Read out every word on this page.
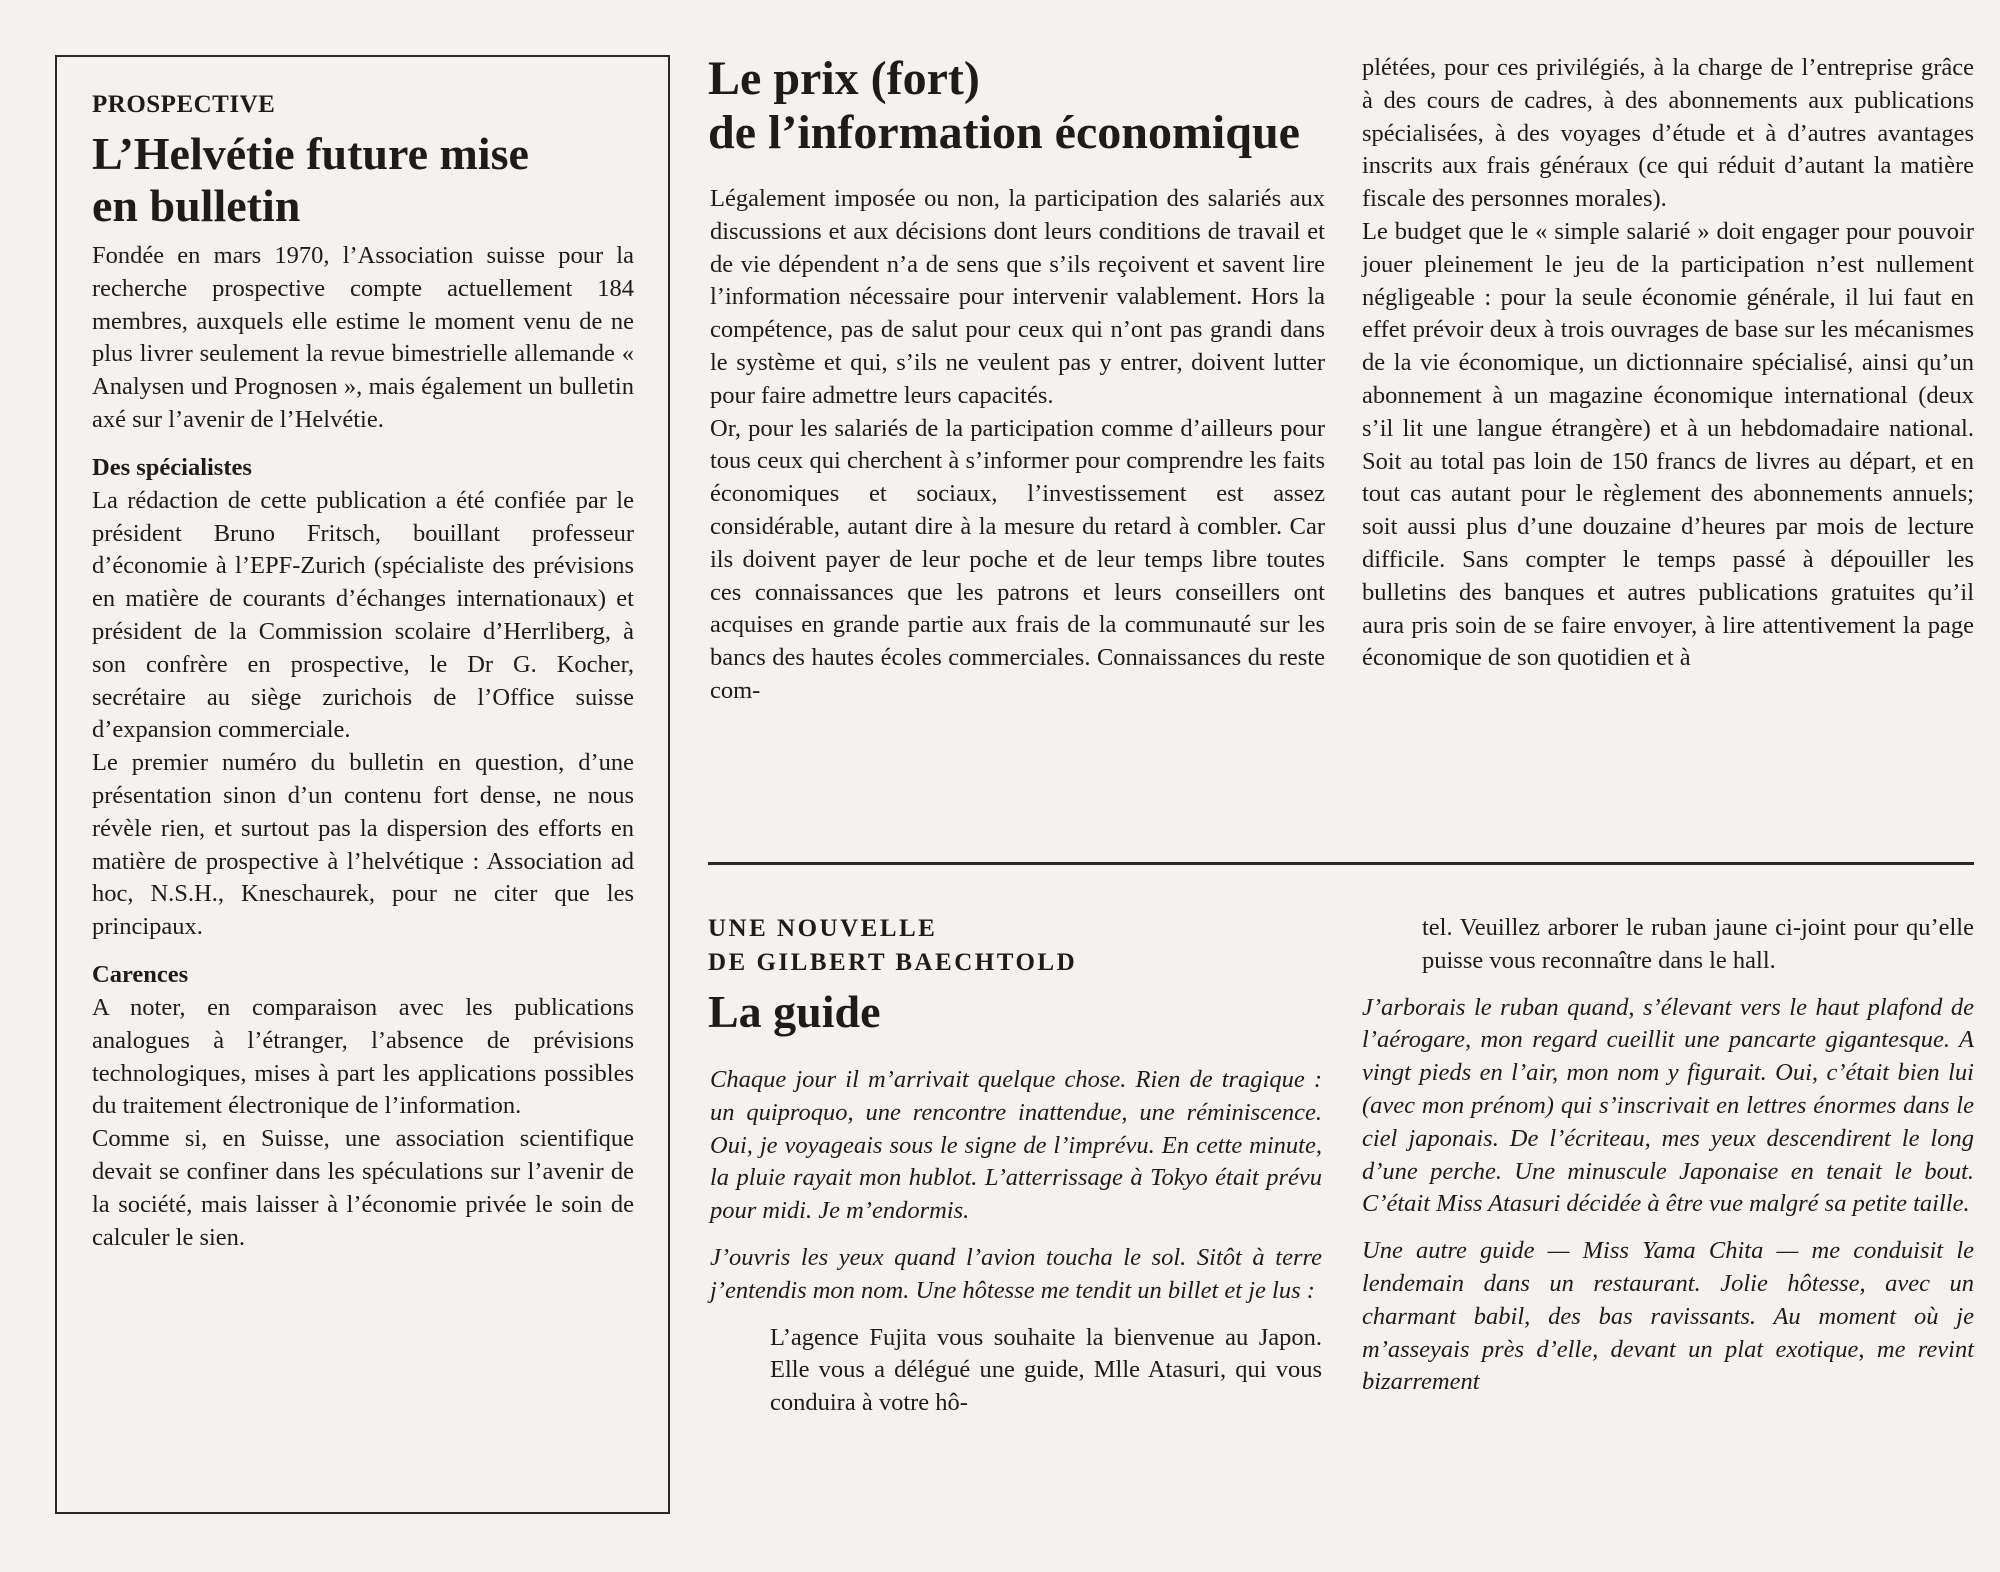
PROSPECTIVE
L’Helvétie future mise
en bulletin

Fondée en mars 1970, l’Association suisse pour la recherche prospective compte actuellement 184 membres, auxquels elle estime le moment venu de ne plus livrer seulement la revue bimestrielle allemande « Analysen und Prognosen », mais également un bulletin axé sur l’avenir de l’Helvétie.

Des spécialistes

La rédaction de cette publication a été confiée par le président Bruno Fritsch, bouillant professeur d’économie à l’EPF-Zurich (spécialiste des prévisions en matière de courants d’échanges internationaux) et président de la Commission scolaire d’Herrliberg, à son confrère en prospective, le Dr G. Kocher, secrétaire au siège zurichois de l’Office suisse d’expansion commerciale.

Le premier numéro du bulletin en question, d’une présentation sinon d’un contenu fort dense, ne nous révèle rien, et surtout pas la dispersion des efforts en matière de prospective à l’helvétique : Association ad hoc, N.S.H., Kneschaurek, pour ne citer que les principaux.

Carences

A noter, en comparaison avec les publications analogues à l’étranger, l’absence de prévisions technologiques, mises à part les applications possibles du traitement électronique de l’information.

Comme si, en Suisse, une association scientifique devait se confiner dans les spéculations sur l’avenir de la société, mais laisser à l’économie privée le soin de calculer le sien.

Le prix (fort)
de l’information économique

Légalement imposée ou non, la participation des salariés aux discussions et aux décisions dont leurs conditions de travail et de vie dépendent n’a de sens que s’ils reçoivent et savent lire l’information nécessaire pour intervenir valablement. Hors la compétence, pas de salut pour ceux qui n’ont pas grandi dans le système et qui, s’ils ne veulent pas y entrer, doivent lutter pour faire admettre leurs capacités.

Or, pour les salariés de la participation comme d’ailleurs pour tous ceux qui cherchent à s’informer pour comprendre les faits économiques et sociaux, l’investissement est assez considérable, autant dire à la mesure du retard à combler. Car ils doivent payer de leur poche et de leur temps libre toutes ces connaissances que les patrons et leurs conseillers ont acquises en grande partie aux frais de la communauté sur les bancs des hautes écoles commerciales. Connaissances du reste com-

plétées, pour ces privilégiés, à la charge de l’entreprise grâce à des cours de cadres, à des abonnements aux publications spécialisées, à des voyages d’étude et à d’autres avantages inscrits aux frais généraux (ce qui réduit d’autant la matière fiscale des personnes morales).

Le budget que le « simple salarié » doit engager pour pouvoir jouer pleinement le jeu de la participation n’est nullement négligeable : pour la seule économie générale, il lui faut en effet prévoir deux à trois ouvrages de base sur les mécanismes de la vie économique, un dictionnaire spécialisé, ainsi qu’un abonnement à un magazine économique international (deux s’il lit une langue étrangère) et à un hebdomadaire national. Soit au total pas loin de 150 francs de livres au départ, et en tout cas autant pour le règlement des abonnements annuels; soit aussi plus d’une douzaine d’heures par mois de lecture difficile. Sans compter le temps passé à dépouiller les bulletins des banques et autres publications gratuites qu’il aura pris soin de se faire envoyer, à lire attentivement la page économique de son quotidien et à

UNE NOUVELLE
DE GILBERT BAECHTOLD
La guide

Chaque jour il m’arrivait quelque chose. Rien de tragique : un quiproquo, une rencontre inattendue, une réminiscence. Oui, je voyageais sous le signe de l’imprévu. En cette minute, la pluie rayait mon hublot. L’atterrissage à Tokyo était prévu pour midi. Je m’endormis.

J’ouvris les yeux quand l’avion toucha le sol. Sitôt à terre j’entendis mon nom. Une hôtesse me tendit un billet et je lus :

L’agence Fujita vous souhaite la bienvenue au Japon. Elle vous a délégué une guide, Mlle Atasuri, qui vous conduira à votre hô-

tel. Veuillez arborer le ruban jaune ci-joint pour qu’elle puisse vous reconnaître dans le hall.

J’arborais le ruban quand, s’élevant vers le haut plafond de l’aérogare, mon regard cueillit une pancarte gigantesque. A vingt pieds en l’air, mon nom y figurait. Oui, c’était bien lui (avec mon prénom) qui s’inscrivait en lettres énormes dans le ciel japonais. De l’écriteau, mes yeux descendirent le long d’une perche. Une minuscule Japonaise en tenait le bout. C’était Miss Atasuri décidée à être vue malgré sa petite taille.

Une autre guide — Miss Yama Chita — me conduisit le lendemain dans un restaurant. Jolie hôtesse, avec un charmant babil, des bas ravissants. Au moment où je m’asseyais près d’elle, devant un plat exotique, me revint bizarrement
